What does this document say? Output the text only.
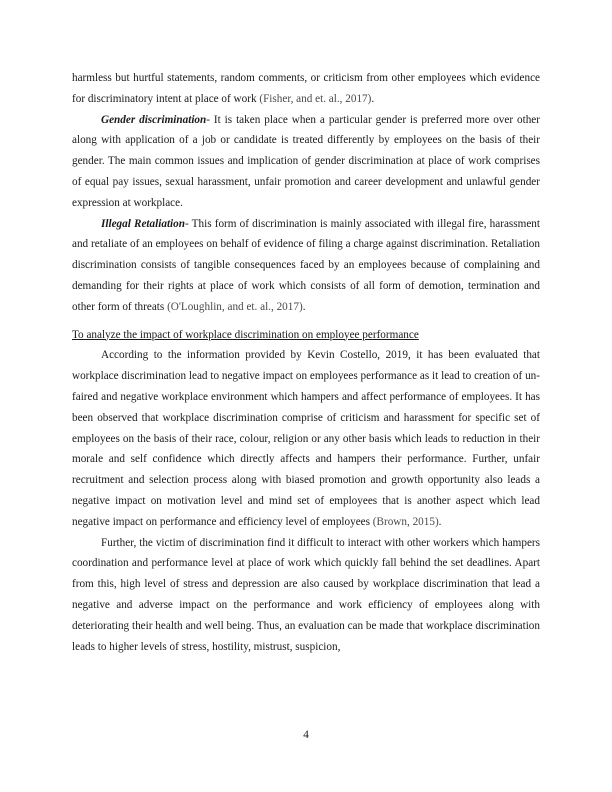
harmless but hurtful statements, random comments, or criticism from other employees which evidence for discriminatory intent at place of work (Fisher, and et. al., 2017).

Gender discrimination- It is taken place when a particular gender is preferred more over other along with application of a job or candidate is treated differently by employees on the basis of their gender. The main common issues and implication of gender discrimination at place of work comprises of equal pay issues, sexual harassment, unfair promotion and career development and unlawful gender expression at workplace.

Illegal Retaliation- This form of discrimination is mainly associated with illegal fire, harassment and retaliate of an employees on behalf of evidence of filing a charge against discrimination. Retaliation discrimination consists of tangible consequences faced by an employees because of complaining and demanding for their rights at place of work which consists of all form of demotion, termination and other form of threats (O'Loughlin, and et. al., 2017).

To analyze the impact of workplace discrimination on employee performance

According to the information provided by Kevin Costello, 2019, it has been evaluated that workplace discrimination lead to negative impact on employees performance as it lead to creation of un-faired and negative workplace environment which hampers and affect performance of employees. It has been observed that workplace discrimination comprise of criticism and harassment for specific set of employees on the basis of their race, colour, religion or any other basis which leads to reduction in their morale and self confidence which directly affects and hampers their performance. Further, unfair recruitment and selection process along with biased promotion and growth opportunity also leads a negative impact on motivation level and mind set of employees that is another aspect which lead negative impact on performance and efficiency level of employees (Brown, 2015).

Further, the victim of discrimination find it difficult to interact with other workers which hampers coordination and performance level at place of work which quickly fall behind the set deadlines. Apart from this, high level of stress and depression are also caused by workplace discrimination that lead a negative and adverse impact on the performance and work efficiency of employees along with deteriorating their health and well being. Thus, an evaluation can be made that workplace discrimination leads to higher levels of stress, hostility, mistrust, suspicion,

4
